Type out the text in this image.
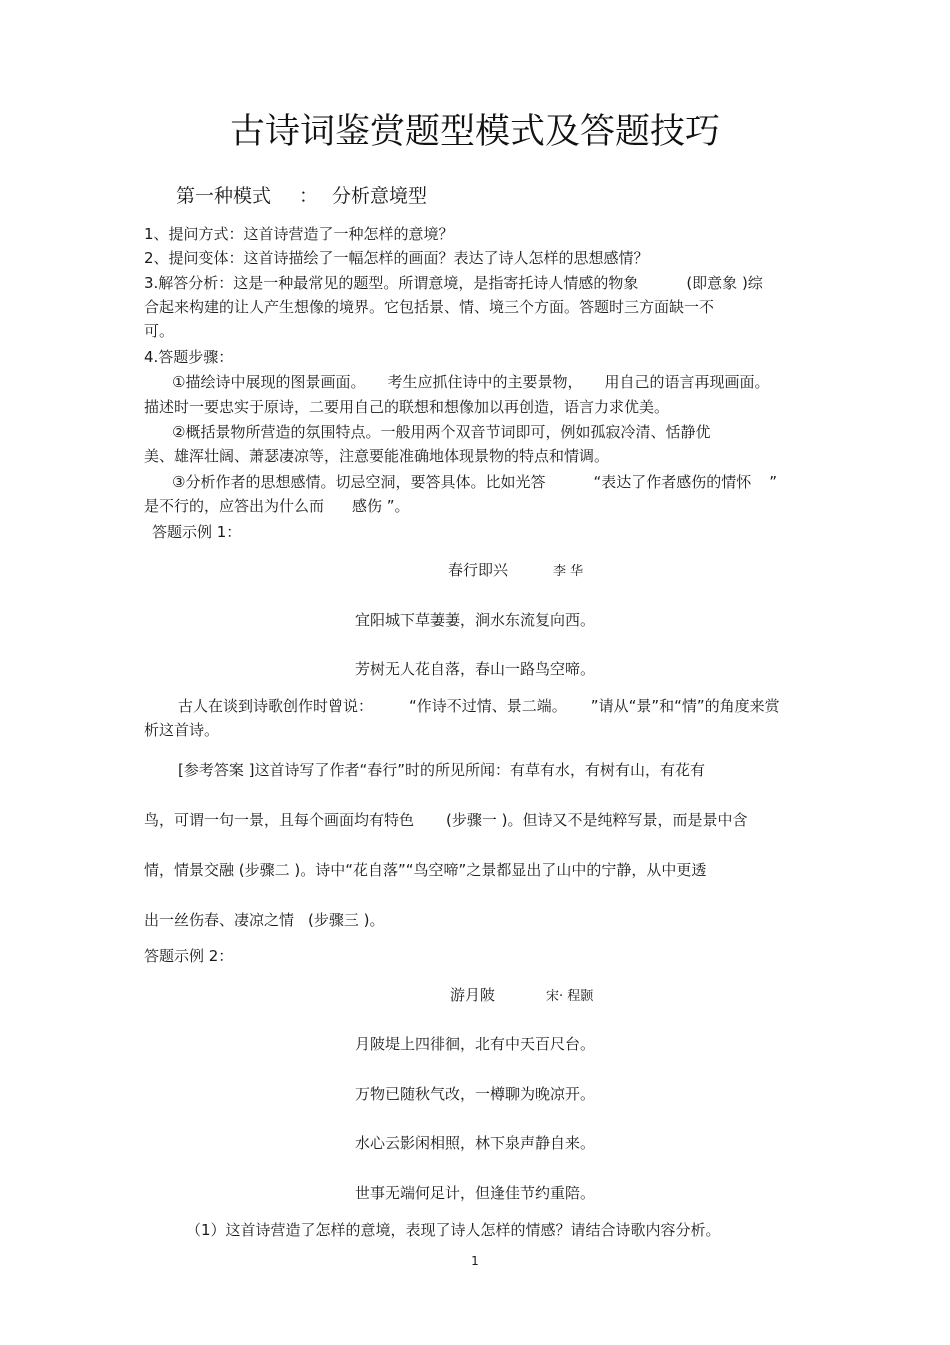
古诗词鉴赏题型模式及答题技巧
第一种模式 ： 分析意境型
1、提问方式：这首诗营造了一种怎样的意境？
2、提问变体：这首诗描绘了一幅怎样的画面？表达了诗人怎样的思想感情？
3.解答分析：这是一种最常见的题型。所谓意境，是指寄托诗人情感的物象	(即意象 )综
合起来构建的让人产生想像的境界。它包括景、情、境三个方面。答题时三方面缺一不
可。
4.答题步骤：
①描绘诗中展现的图景画面。 考生应抓住诗中的主要景物， 用自己的语言再现画面。
描述时一要忠实于原诗，二要用自己的联想和想像加以再创造，语言力求优美。
②概括景物所营造的氛围特点。一般用两个双音节词即可，例如孤寂冷清、恬静优
美、雄浑壮阔、萧瑟凄凉等，注意要能准确地体现景物的特点和情调。
③分析作者的思想感情。切忌空洞，要答具体。比如光答	“表达了作者感伤的情怀 ”
是不行的，应答出为什么而 感伤 ”。
答题示例 1：
春行即兴	李 华
宜阳城下草萋萋，涧水东流复向西。
芳树无人花自落，春山一路鸟空啼。
古人在谈到诗歌创作时曾说： “作诗不过情、景二端。 ”请从“景”和“情”的角度来赏
析这首诗。
[参考答案 ]这首诗写了作者“春行”时的所见所闻：有草有水，有树有山，有花有
鸟，可谓一句一景，且每个画面均有特色 (步骤一 )。但诗又不是纯粹写景，而是景中含
情，情景交融 (步骤二 )。诗中“花自落”“鸟空啼”之景都显出了山中的宁静，从中更透
出一丝伤春、凄凉之情 (步骤三 )。
答题示例 2：
游月陂	宋· 程颢
月陂堤上四徘徊，北有中天百尺台。
万物已随秋气改，一樽聊为晚凉开。
水心云影闲相照，林下泉声静自来。
世事无端何足计，但逢佳节约重陪。
（1）这首诗营造了怎样的意境，表现了诗人怎样的情感？请结合诗歌内容分析。
1
